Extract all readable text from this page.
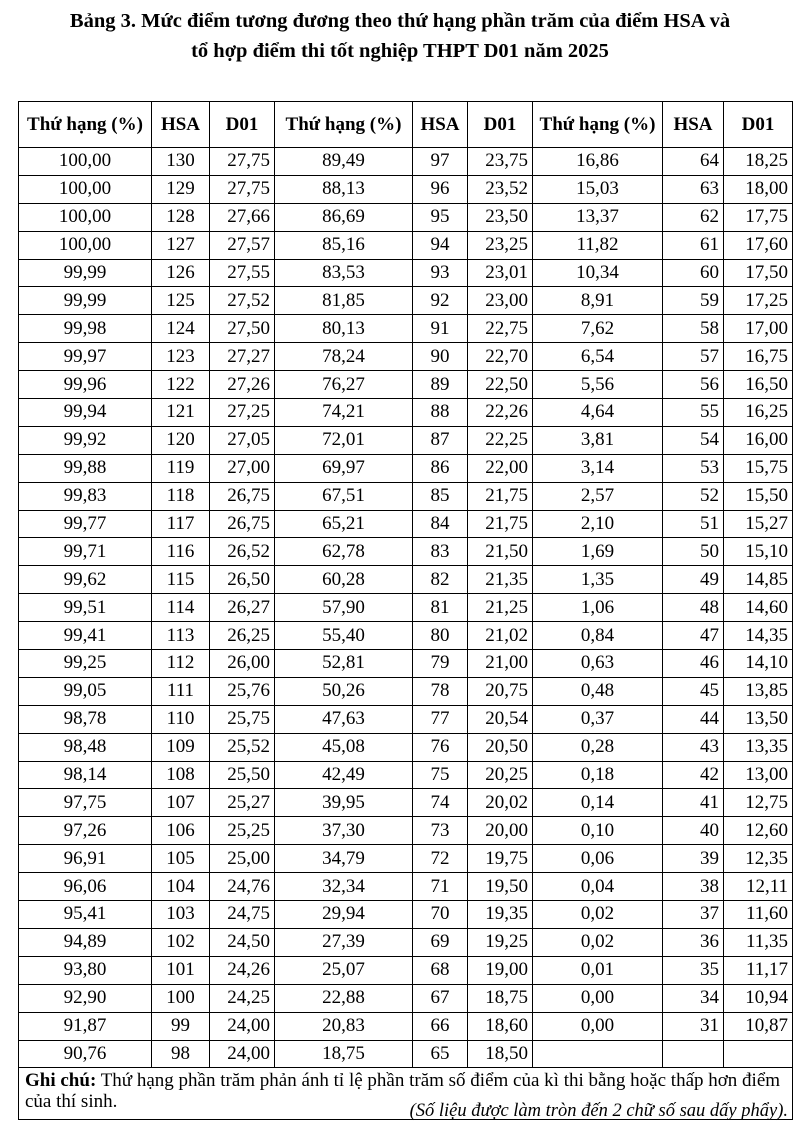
Bảng 3. Mức điểm tương đương theo thứ hạng phần trăm của điểm HSA và
tổ hợp điểm thi tốt nghiệp THPT D01 năm 2025
Thứ hạng (%)	HSA	D01	Thứ hạng (%)	HSA	D01	Thứ hạng (%)	HSA	D01
100,00	130	27,75	89,49	97	23,75	16,86	64	18,25
100,00	129	27,75	88,13	96	23,52	15,03	63	18,00
100,00	128	27,66	86,69	95	23,50	13,37	62	17,75
100,00	127	27,57	85,16	94	23,25	11,82	61	17,60
99,99	126	27,55	83,53	93	23,01	10,34	60	17,50
99,99	125	27,52	81,85	92	23,00	8,91	59	17,25
99,98	124	27,50	80,13	91	22,75	7,62	58	17,00
99,97	123	27,27	78,24	90	22,70	6,54	57	16,75
99,96	122	27,26	76,27	89	22,50	5,56	56	16,50
99,94	121	27,25	74,21	88	22,26	4,64	55	16,25
99,92	120	27,05	72,01	87	22,25	3,81	54	16,00
99,88	119	27,00	69,97	86	22,00	3,14	53	15,75
99,83	118	26,75	67,51	85	21,75	2,57	52	15,50
99,77	117	26,75	65,21	84	21,75	2,10	51	15,27
99,71	116	26,52	62,78	83	21,50	1,69	50	15,10
99,62	115	26,50	60,28	82	21,35	1,35	49	14,85
99,51	114	26,27	57,90	81	21,25	1,06	48	14,60
99,41	113	26,25	55,40	80	21,02	0,84	47	14,35
99,25	112	26,00	52,81	79	21,00	0,63	46	14,10
99,05	111	25,76	50,26	78	20,75	0,48	45	13,85
98,78	110	25,75	47,63	77	20,54	0,37	44	13,50
98,48	109	25,52	45,08	76	20,50	0,28	43	13,35
98,14	108	25,50	42,49	75	20,25	0,18	42	13,00
97,75	107	25,27	39,95	74	20,02	0,14	41	12,75
97,26	106	25,25	37,30	73	20,00	0,10	40	12,60
96,91	105	25,00	34,79	72	19,75	0,06	39	12,35
96,06	104	24,76	32,34	71	19,50	0,04	38	12,11
95,41	103	24,75	29,94	70	19,35	0,02	37	11,60
94,89	102	24,50	27,39	69	19,25	0,02	36	11,35
93,80	101	24,26	25,07	68	19,00	0,01	35	11,17
92,90	100	24,25	22,88	67	18,75	0,00	34	10,94
91,87	99	24,00	20,83	66	18,60	0,00	31	10,87
90,76	98	24,00	18,75	65	18,50			
Ghi chú: Thứ hạng phần trăm phản ánh tỉ lệ phần trăm số điểm của kì thi bằng hoặc thấp hơn điểm của thí sinh.									(Số liệu được làm tròn đến 2 chữ số sau dấy phẩy).
